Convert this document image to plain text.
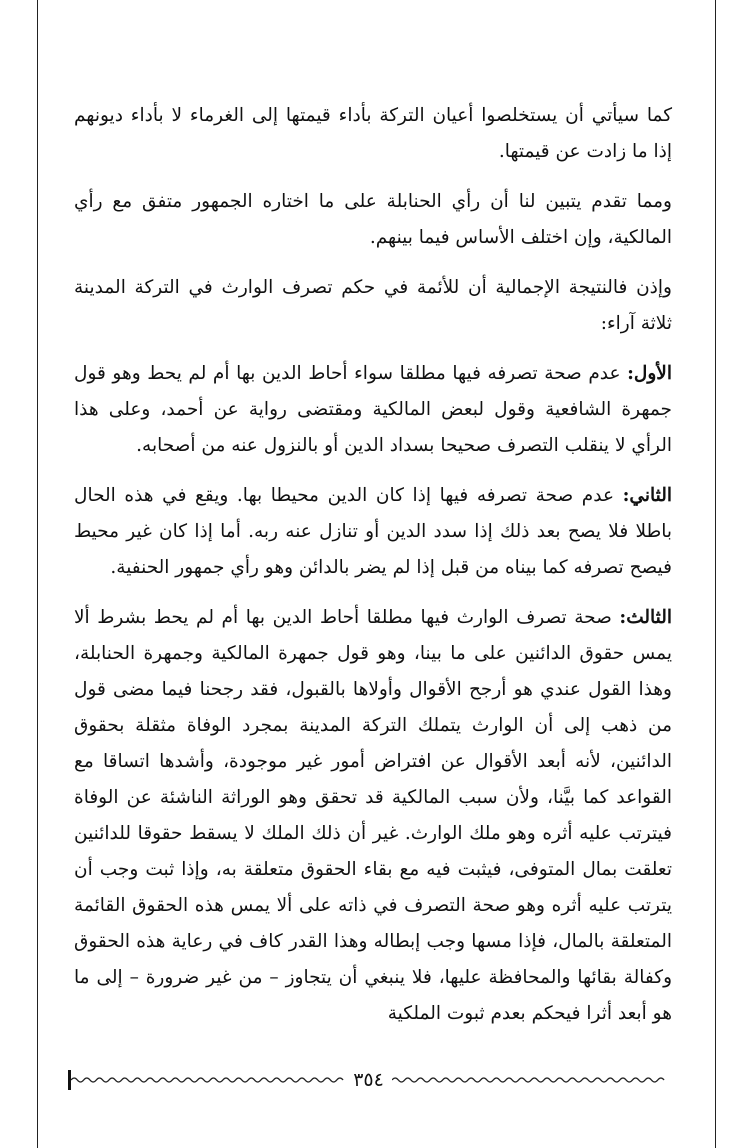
كما سيأتي أن يستخلصوا أعيان التركة بأداء قيمتها إلى الغرماء لا بأداء ديونهم إذا ما زادت عن قيمتها.

ومما تقدم يتبين لنا أن رأي الحنابلة على ما اختاره الجمهور متفق مع رأي المالكية، وإن اختلف الأساس فيما بينهم.

وإذن فالنتيجة الإجمالية أن للأئمة في حكم تصرف الوارث في التركة المدينة ثلاثة آراء:

الأول: عدم صحة تصرفه فيها مطلقا سواء أحاط الدين بها أم لم يحط وهو قول جمهرة الشافعية وقول لبعض المالكية ومقتضى رواية عن أحمد، وعلى هذا الرأي لا ينقلب التصرف صحيحا بسداد الدين أو بالنزول عنه من أصحابه.

الثاني: عدم صحة تصرفه فيها إذا كان الدين محيطا بها. ويقع في هذه الحال باطلا فلا يصح بعد ذلك إذا سدد الدين أو تنازل عنه ربه. أما إذا كان غير محيط فيصح تصرفه كما بيناه من قبل إذا لم يضر بالدائن وهو رأي جمهور الحنفية.

الثالث: صحة تصرف الوارث فيها مطلقا أحاط الدين بها أم لم يحط بشرط ألا يمس حقوق الدائنين على ما بينا، وهو قول جمهرة المالكية وجمهرة الحنابلة، وهذا القول عندي هو أرجح الأقوال وأولاها بالقبول، فقد رجحنا فيما مضى قول من ذهب إلى أن الوارث يتملك التركة المدينة بمجرد الوفاة مثقلة بحقوق الدائنين، لأنه أبعد الأقوال عن افتراض أمور غير موجودة، وأشدها اتساقا مع القواعد كما بيَّنا، ولأن سبب المالكية قد تحقق وهو الوراثة الناشئة عن الوفاة فيترتب عليه أثره وهو ملك الوارث. غير أن ذلك الملك لا يسقط حقوقا للدائنين تعلقت بمال المتوفى، فيثبت فيه مع بقاء الحقوق متعلقة به، وإذا ثبت وجب أن يترتب عليه أثره وهو صحة التصرف في ذاته على ألا يمس هذه الحقوق القائمة المتعلقة بالمال، فإذا مسها وجب إبطاله وهذا القدر كاف في رعاية هذه الحقوق وكفالة بقائها والمحافظة عليها، فلا ينبغي أن يتجاوز – من غير ضرورة – إلى ما هو أبعد أثرا فيحكم بعدم ثبوت الملكية

٣٥٤
